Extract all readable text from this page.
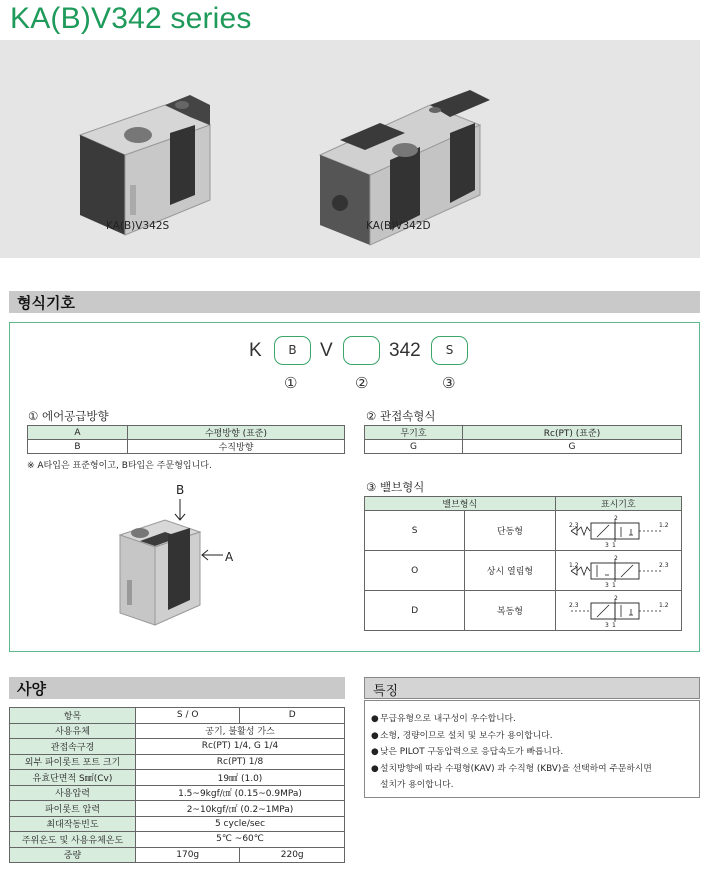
KA(B)V342 series
KA(B)V342S	KA(B)V342D
형식기호
K	B	V	342	S
①	②	③
① 에어공급방향
A	수평방향 (표준)
B	수직방향
※ A타입은 표준형이고, B타입은 주문형입니다.
B
A
② 관접속형식
무기호	Rc(PT) (표준)
G	G
③ 밸브형식
밸브형식		표시기호
S	단동형	2
3 1
2.3 1.2

O	상시 열림형	2
3 1
1.2 2.3

D	복동형	2
3 1
2.3 1.2
사양
항목	S / O	D
사용유체	공기, 불활성 가스	
관접속구경	Rc(PT) 1/4, G 1/4	
외부 파이롯트 포트 크기	Rc(PT) 1/8	
유효단면적 S㎟(Cv)	19㎟ (1.0)	
사용압력	1.5~9kgf/㎠ (0.15~0.9MPa)	
파이롯트 압력	2~10kgf/㎠ (0.2~1MPa)	
최대작동빈도	5 cycle/sec	
주위온도 및 사용유체온도	5℃ ~60℃	
중량	170g	220g
특징
●무급유형으로 내구성이 우수합니다.
●소형, 경량이므로 설치 및 보수가 용이합니다.
●낮은 PILOT 구동압력으로 응답속도가 빠릅니다.
●설치방향에 따라 수평형(KAV) 과 수직형 (KBV)을 선택하여 주문하시면
설치가 용이합니다.
